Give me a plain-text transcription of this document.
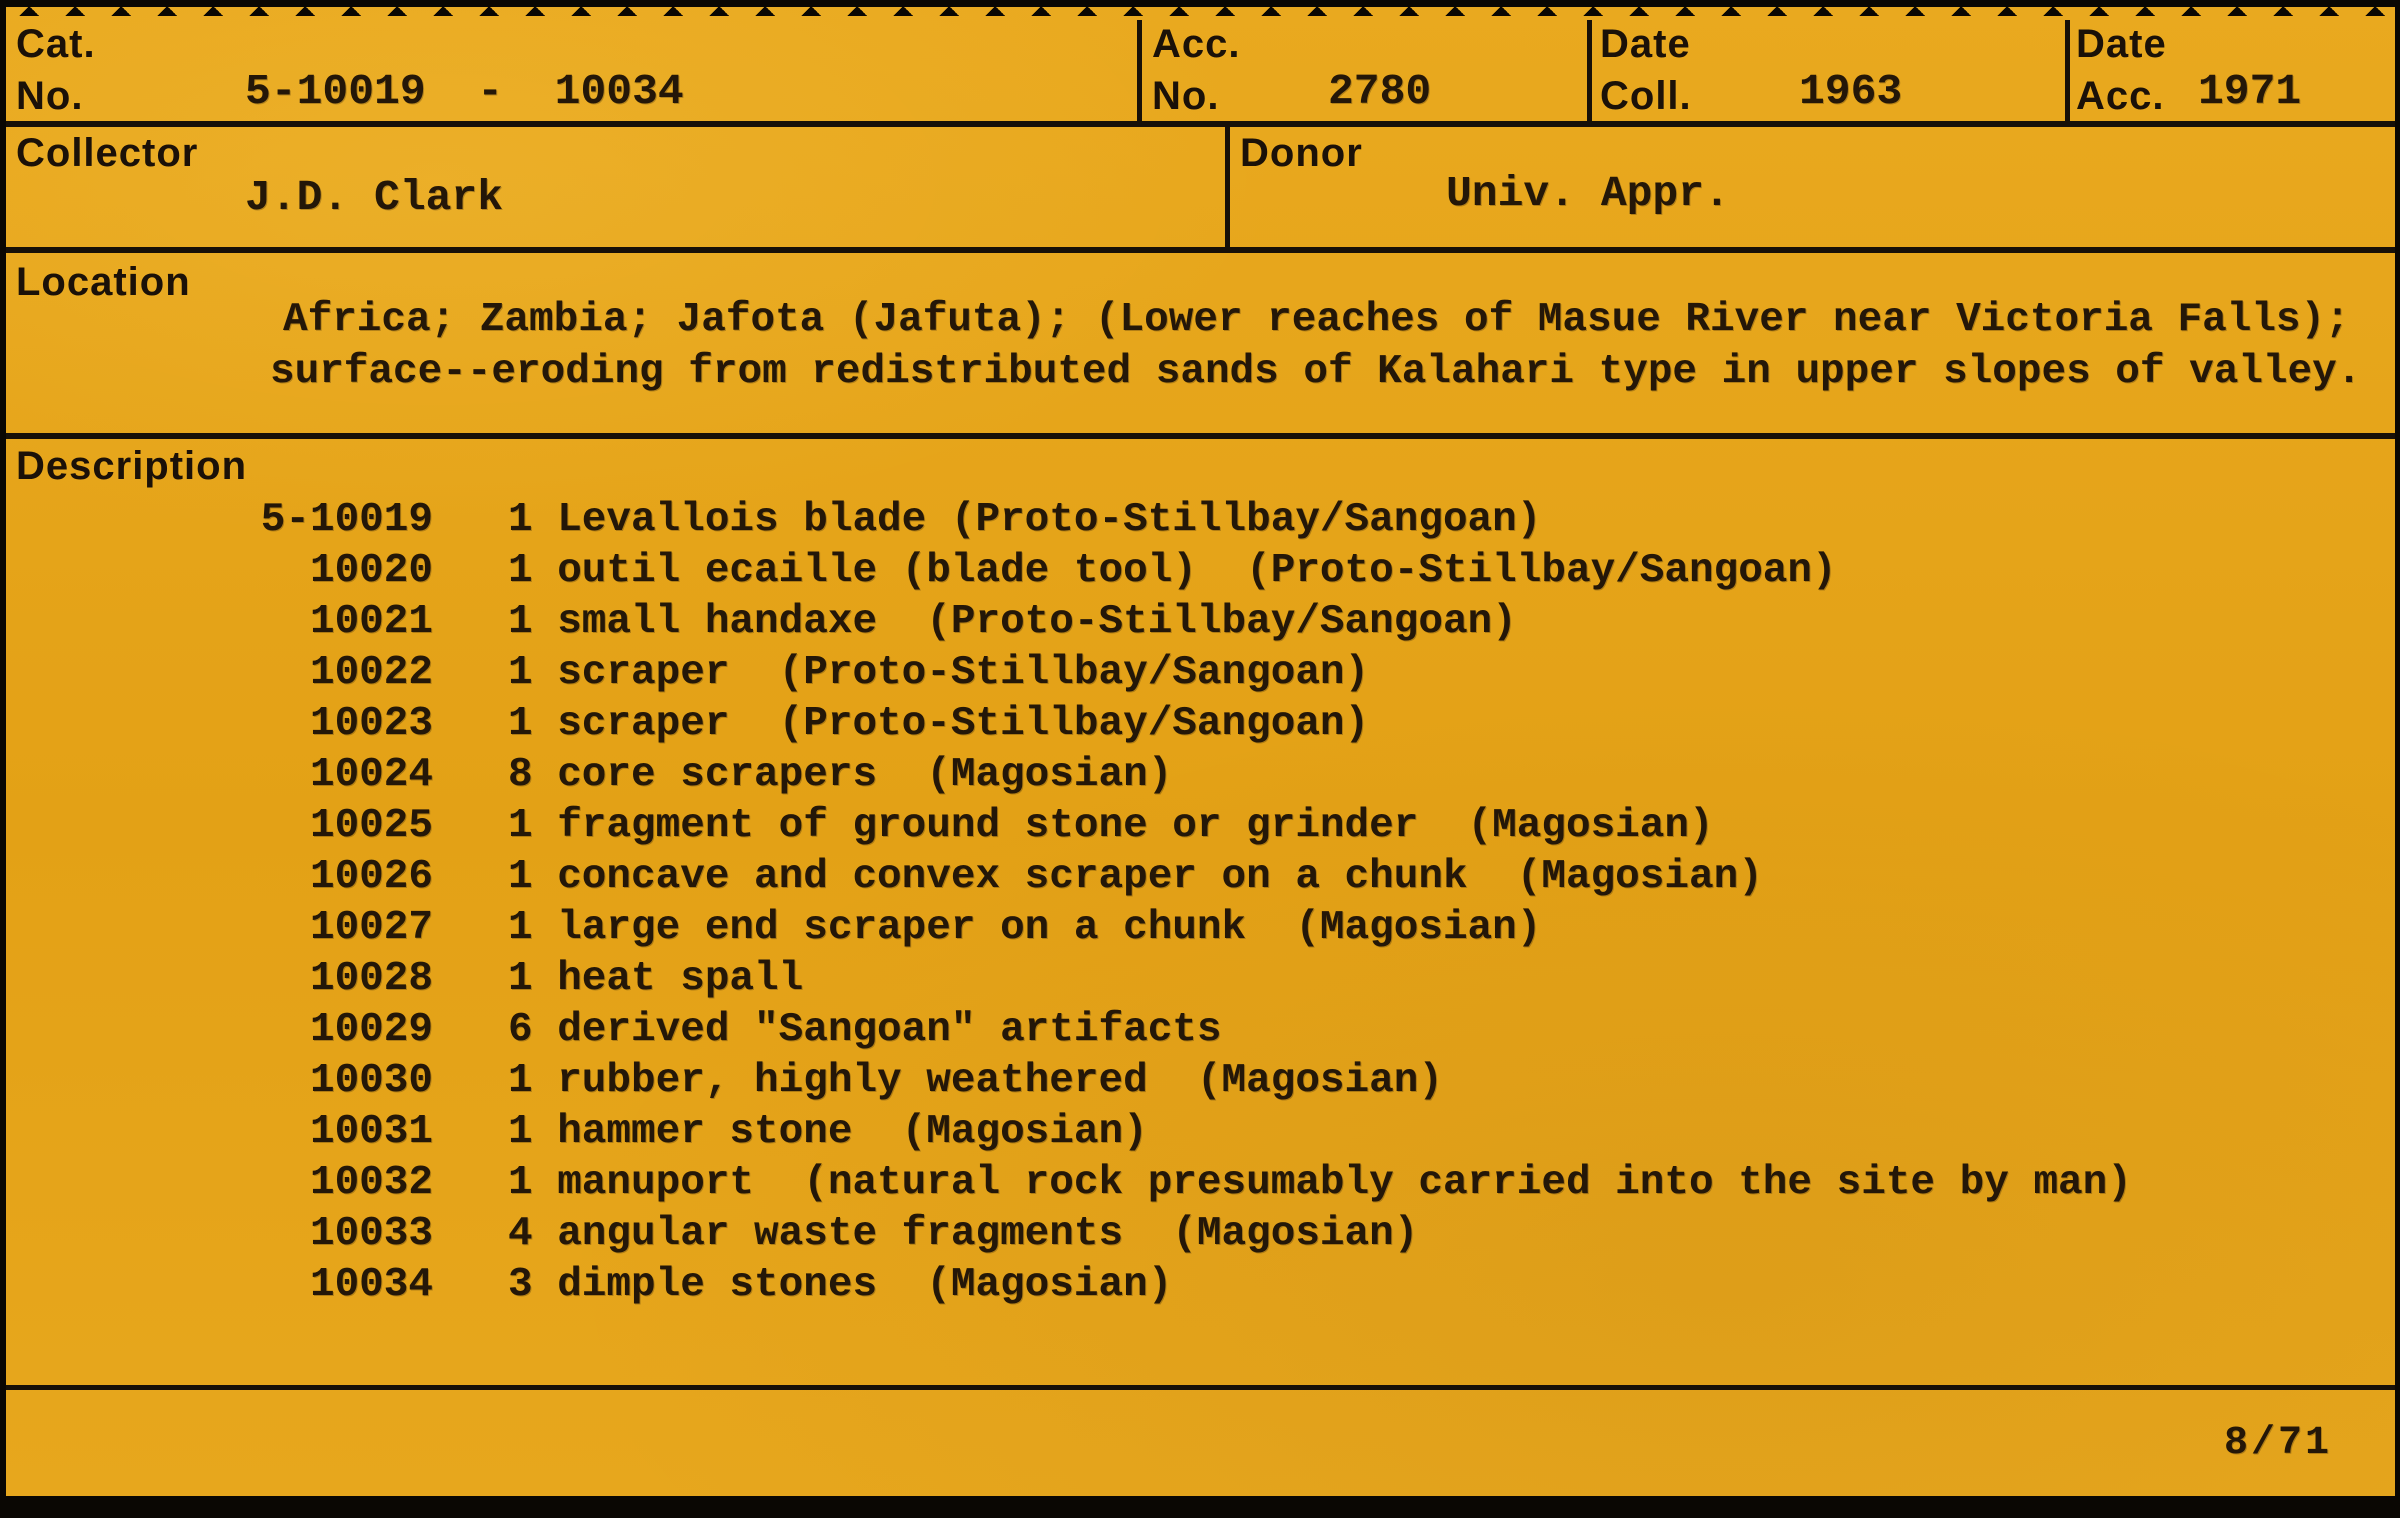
Cat.
No.	5-10019  -  10034
Acc.
No.	2780
Date
Coll. 1963
Date
Acc. 1971
Collector
J.D. Clark
Donor
Univ. Appr.
Location
Africa; Zambia; Jafota (Jafuta); (Lower reaches of Masue River near Victoria Falls);
surface--eroding from redistributed sands of Kalahari type in upper slopes of valley.
Description
5-10019 1 Levallois blade (Proto-Stillbay/Sangoan)
10020 1 outil ecaille (blade tool)  (Proto-Stillbay/Sangoan)
10021 1 small handaxe  (Proto-Stillbay/Sangoan)
10022 1 scraper  (Proto-Stillbay/Sangoan)
10023 1 scraper  (Proto-Stillbay/Sangoan)
10024 8 core scrapers  (Magosian)
10025 1 fragment of ground stone or grinder  (Magosian)
10026 1 concave and convex scraper on a chunk  (Magosian)
10027 1 large end scraper on a chunk  (Magosian)
10028 1 heat spall
10029 6 derived "Sangoan" artifacts
10030 1 rubber, highly weathered  (Magosian)
10031 1 hammer stone  (Magosian)
10032 1 manuport  (natural rock presumably carried into the site by man)
10033 4 angular waste fragments  (Magosian)
10034 3 dimple stones  (Magosian)
8/71
